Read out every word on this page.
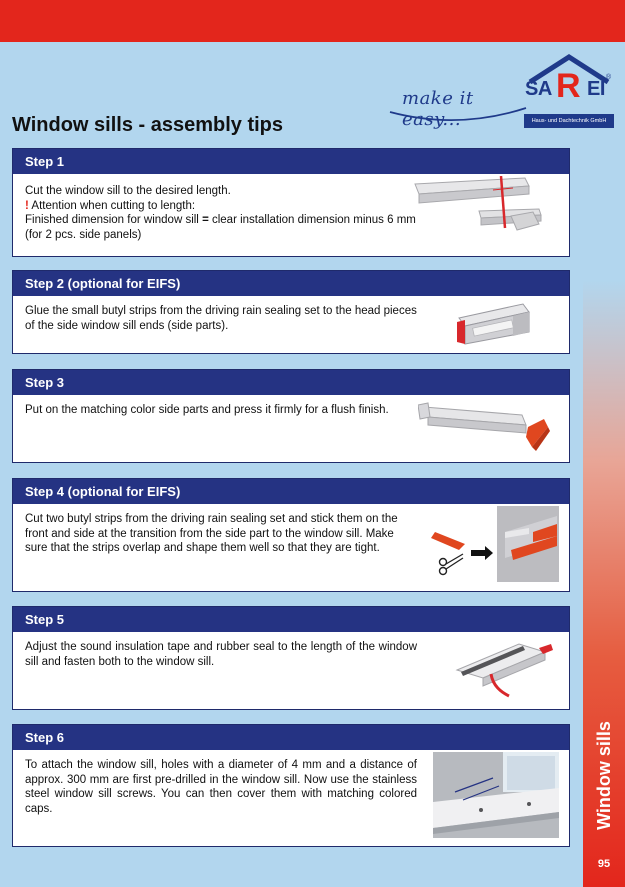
Window sills
95
make it easy...
SA R EI
®
Haus- und Dachtechnik GmbH
Window sills - assembly tips
Step 1

Cut the window sill to the desired length.

! Attention when cutting to length:

Finished dimension for window sill = clear installation dimension minus 6 mm

(for 2 pcs. side panels)

Step 2 (optional for EIFS)

Glue the small butyl strips from the driving rain sealing set to the head pieces of the side window sill ends (side parts).

Step 3

Put on the matching color side parts and press it firmly for a flush finish.

Step 4 (optional for EIFS)

Cut two butyl strips from the driving rain sealing set and stick them on the front and side at the transition from the side part to the window sill. Make sure that the strips overlap and shape them well so that they are tight.

Step 5

Adjust the sound insulation tape and rubber seal to the length of the window sill and fasten both to the window sill.

Step 6

To attach the window sill, holes with a diameter of 4 mm and a distance of approx. 300 mm are first pre-drilled in the window sill. Now use the stainless steel window sill screws. You can then cover them with matching colored caps.
